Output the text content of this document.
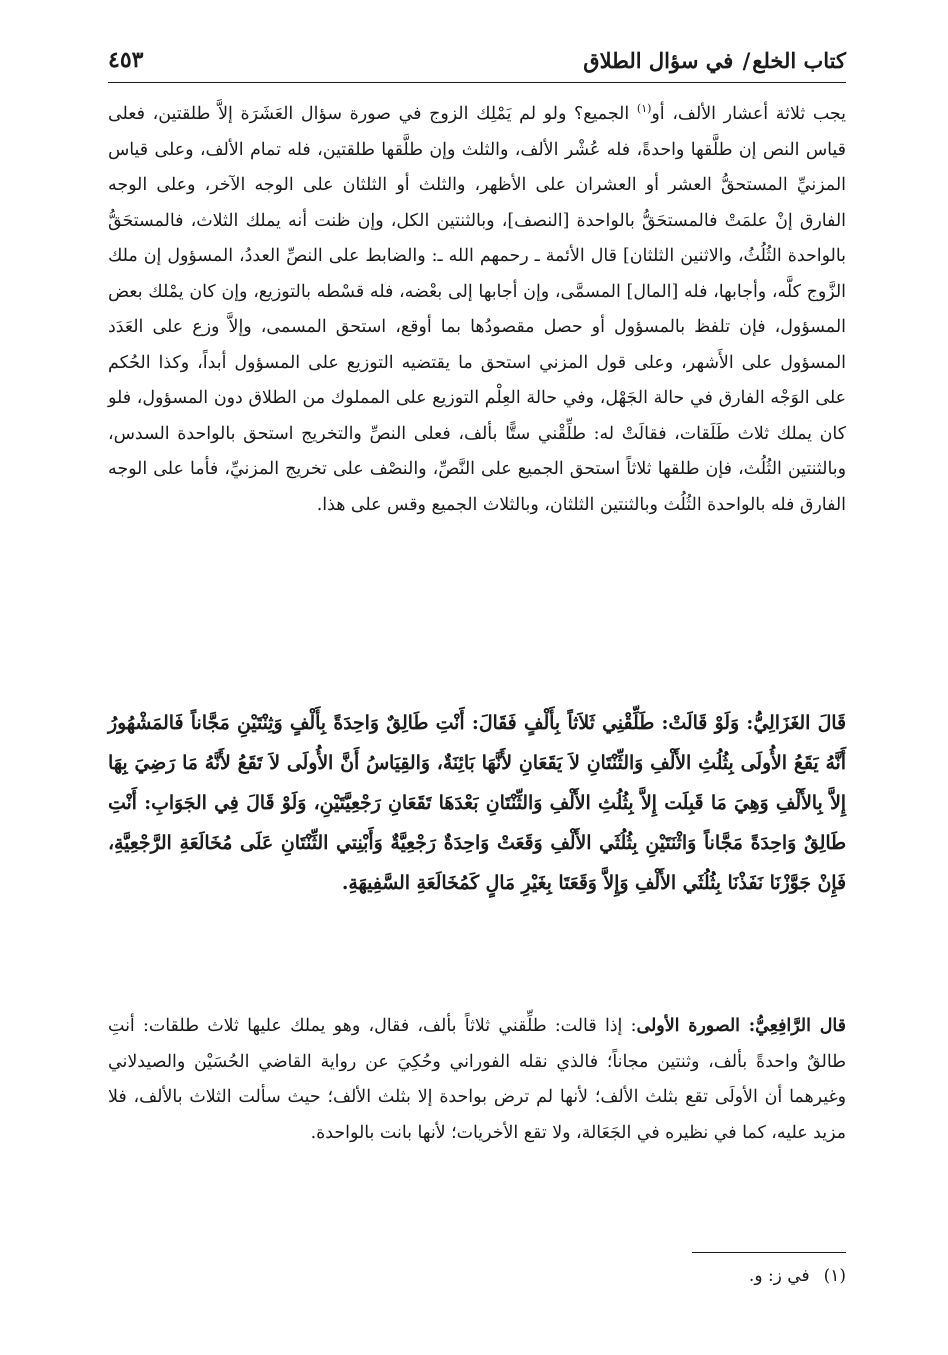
كتاب الخلع/ في سؤال الطلاق
٤٥٣
يجب ثلاثة أعشار الألف، أو$^{(١)}$ الجميع؟ ولو لم يَمْلِك الزوج في صورة سؤال العَشَرَة إلاَّ طلقتين، فعلى قياس النص إن طلَّقها واحدةً، فله عُشْر الألف، والثلث وإن طلَّقها طلقتين، فله تمام الألف، وعلى قياس المزنيِّ المستحقُّ العشر أو العشران على الأظهر، والثلث أو الثلثان على الوجه الآخر، وعلى الوجه الفارق إنْ علمَتْ فالمستحَقُّ بالواحدة [النصف]، وبالثنتين الكل، وإن ظنت أنه يملك الثلاث، فالمستحَقُّ بالواحدة الثُلُثُ، والاثنين الثلثان] قال الأئمة ـ رحمهم الله ـ: والضابط على النصِّ العددُ، المسؤول إن ملك الزَّوج كلَّه، وأجابها، فله [المال] المسمَّى، وإن أجابها إلى بعْضه، فله قسْطه بالتوزيع، وإن كان يمْلك بعض المسؤول، فإن تلفظ بالمسؤول أو حصل مقصودُها بما أوقع، استحق المسمى، وإلاَّ وزع على العَدَد المسؤول على الأَشهر، وعلى قول المزني استحق ما يقتضيه التوزيع على المسؤول أبداً، وكذا الحُكم على الوَجْه الفارق في حالة الجَهْل، وفي حالة العِلْم التوزيع على المملوك من الطلاق دون المسؤول، فلو كان يملك ثلاث طَلَقات، فقالَتْ له: طلِّقْني ستًّا بألف، فعلى النصِّ والتخريج استحق بالواحدة السدس، وبالثنتين الثُلُث، فإن طلقها ثلاثاً استحق الجميع على النَّصِّ، والنصْف على تخريج المزنيِّ، فأما على الوجه الفارق فله بالواحدة الثُلُث وبالثنتين الثلثان، وبالثلاث الجميع وقس على هذا.
قَالَ الغَزَالِيُّ: وَلَوْ قَالَتْ: طَلِّقْنِي ثَلاَثاً بِأَلْفٍ فَقَالَ: أَنْتِ طَالِقٌ وَاحِدَةً بِأَلْفٍ وَثِنْتَيْنِ مَجَّاناً فَالمَشْهُورُ أَنَّهُ يَقَعُ الأُولَى بِثُلُثِ الأَلْفِ وَالثِّنْتَانِ لاَ يَقَعَانِ لأَنَّهَا بَائِنَةٌ، وَالقِيَاسُ أَنَّ الأُولَى لاَ تَقَعُ لأَنَّهُ مَا رَضِيَ بِهَا إِلاَّ بِالأَلْفِ وَهِيَ مَا قَبِلَت إِلاَّ بِثُلُثِ الأَلْفِ وَالثِّنْتَانِ بَعْدَهَا تَقَعَانِ رَجْعِيَّتَيْنِ، وَلَوْ قَالَ فِي الجَوَابِ: أَنْتِ طَالِقٌ وَاحِدَةً مَجَّاناً وَاثْنَتَيْنِ بِثُلُثَي الأَلْفِ وَقَعَتْ وَاحِدَةٌ رَجْعِيَّةٌ وَأَبْنِتي الثِّنْتَانِ عَلَى مُخَالَعَةِ الرَّجْعِيَّةِ، فَإِنْ جَوَّزْنَا نَفَذْنَا بِثُلُثَي الأَلْفِ وَإِلاَّ وَقَعَتَا بِغَيْرِ مَالٍ كَمُخَالَعَةِ السَّفِيهَةِ.
قال الرَّافِعِيُّ: الصورة الأولى: إذا قالت: طلِّقني ثلاثاً بألف، فقال، وهو يملك عليها ثلاث طلقات: أنتِ طالقٌ واحدةً بألف، وثنتين مجاناً؛ فالذي نقله الفوراني وحُكِيَ عن رواية القاضي الحُسَيْن والصيدلاني وغيرهما أن الأولَى تقع بثلث الألف؛ لأنها لم ترض بواحدة إلا بثلث الألف؛ حيث سألت الثلاث بالألف، فلا مزيد عليه، كما في نظيره في الجَعَالة، ولا تقع الأخريات؛ لأنها بانت بالواحدة.
(١)في ز: و.
